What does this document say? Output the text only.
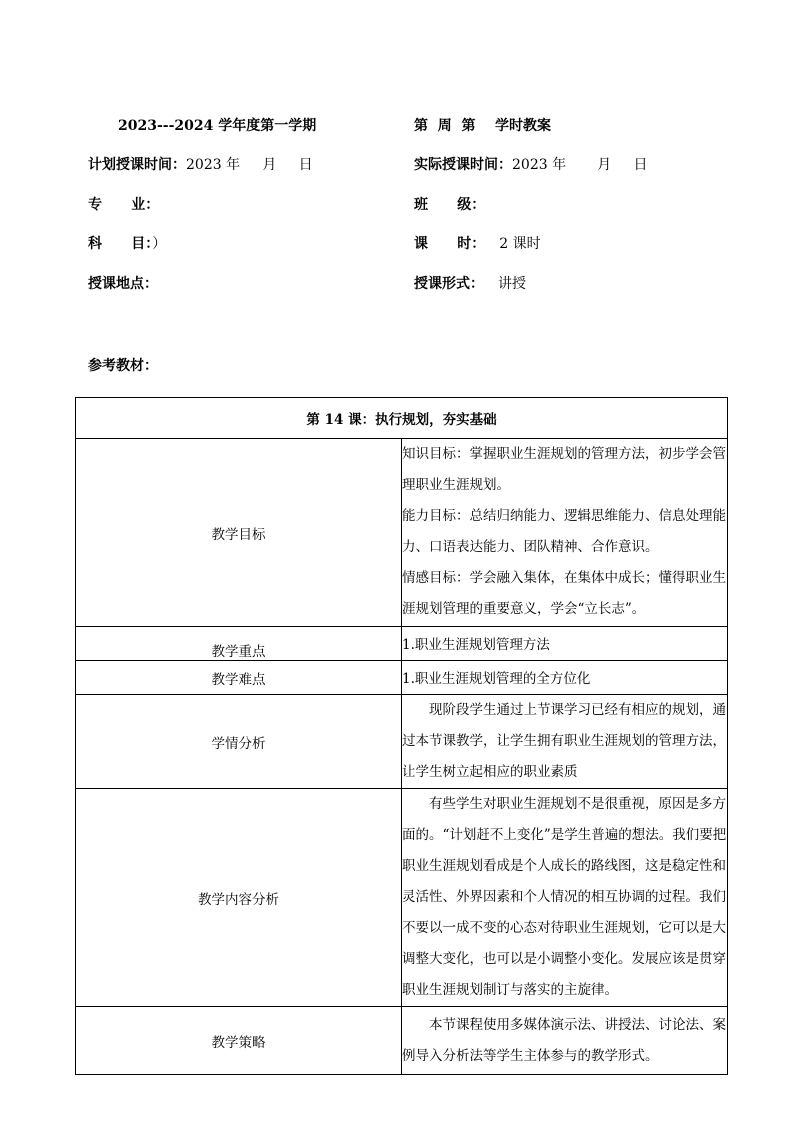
2023---2024 学年度第一学期	第  周  第    学时教案
计划授课时间：2023 年     月     日	实际授课时间：2023 年       月     日
专      业：	班      级：
科      目：）	课      时： 2 课时
授课地点：	授课形式： 讲授
参考教材：
第 14 课：执行规划，夯实基础	
教学目标	知识目标：掌握职业生涯规划的管理方法，初步学会管理职业生涯规划。
能力目标：总结归纳能力、逻辑思维能力、信息处理能力、口语表达能力、团队精神、合作意识。
情感目标：学会融入集体，在集体中成长；懂得职业生涯规划管理的重要意义，学会“立长志”。

教学重点	1.职业生涯规划管理方法
教学难点	1.职业生涯规划管理的全方位化
学情分析	现阶段学生通过上节课学习已经有相应的规划，通过本节课教学，让学生拥有职业生涯规划的管理方法，让学生树立起相应的职业素质
教学内容分析	有些学生对职业生涯规划不是很重视，原因是多方面的。“计划赶不上变化”是学生普遍的想法。我们要把职业生涯规划看成是个人成长的路线图，这是稳定性和灵活性、外界因素和个人情况的相互协调的过程。我们不要以一成不变的心态对待职业生涯规划，它可以是大调整大变化，也可以是小调整小变化。发展应该是贯穿职业生涯规划制订与落实的主旋律。
教学策略	本节课程使用多媒体演示法、讲授法、讨论法、案例导入分析法等学生主体参与的教学形式。
